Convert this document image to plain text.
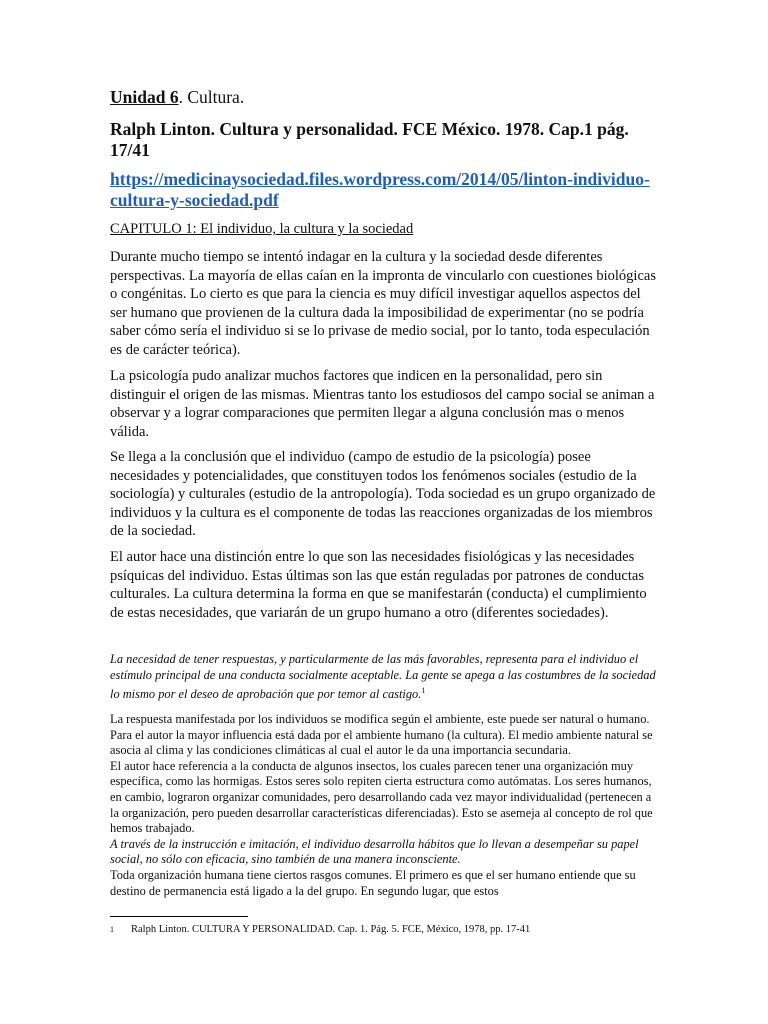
Unidad 6. Cultura.
Ralph Linton. Cultura y personalidad. FCE México. 1978. Cap.1 pág. 17/41
https://medicinaysociedad.files.wordpress.com/2014/05/linton-individuo-cultura-y-sociedad.pdf
CAPITULO 1: El individuo, la cultura y la sociedad

Durante mucho tiempo se intentó indagar en la cultura y la sociedad desde diferentes perspectivas. La mayoría de ellas caían en la impronta de vincularlo con cuestiones biológicas o congénitas. Lo cierto es que para la ciencia es muy difícil investigar aquellos aspectos del ser humano que provienen de la cultura dada la imposibilidad de experimentar (no se podría saber cómo sería el individuo si se lo privase de medio social, por lo tanto, toda especulación es de carácter teórica).

La psicología pudo analizar muchos factores que indicen en la personalidad, pero sin distinguir el origen de las mismas. Mientras tanto los estudiosos del campo social se animan a observar y a lograr comparaciones que permiten llegar a alguna conclusión mas o menos válida.

Se llega a la conclusión que el individuo (campo de estudio de la psicología) posee necesidades y potencialidades, que constituyen todos los fenómenos sociales (estudio de la sociología) y culturales (estudio de la antropología). Toda sociedad es un grupo organizado de individuos y la cultura es el componente de todas las reacciones organizadas de los miembros de la sociedad.

El autor hace una distinción entre lo que son las necesidades fisiológicas y las necesidades psíquicas del individuo. Estas últimas son las que están reguladas por patrones de conductas culturales. La cultura determina la forma en que se manifestarán (conducta) el cumplimiento de estas necesidades, que variarán de un grupo humano a otro (diferentes sociedades).

La necesidad de tener respuestas, y particularmente de las más favorables, representa para el individuo el estímulo principal de una conducta socialmente aceptable. La gente se apega a las costumbres de la sociedad lo mismo por el deseo de aprobación que por temor al castigo.$^1$

La respuesta manifestada por los individuos se modifica según el ambiente, este puede ser natural o humano. Para el autor la mayor influencia está dada por el ambiente humano (la cultura). El medio ambiente natural se asocia al clima y las condiciones climáticas al cual el autor le da una importancia secundaria.
El autor hace referencia a la conducta de algunos insectos, los cuales parecen tener una organización muy específica, como las hormigas. Estos seres solo repiten cierta estructura como autómatas. Los seres humanos, en cambio, lograron organizar comunidades, pero desarrollando cada vez mayor individualidad (pertenecen a la organización, pero pueden desarrollar características diferenciadas). Esto se asemeja al concepto de rol que hemos trabajado.
A través de la instrucción e imitación, el individuo desarrolla hábitos que lo llevan a desempeñar su papel social, no sólo con eficacia, sino también de una manera inconsciente.
Toda organización humana tiene ciertos rasgos comunes. El primero es que el ser humano entiende que su destino de permanencia está ligado a la del grupo. En segundo lugar, que estos
1 Ralph Linton. CULTURA Y PERSONALIDAD. Cap. 1. Pág. 5. FCE, México, 1978, pp. 17-41
